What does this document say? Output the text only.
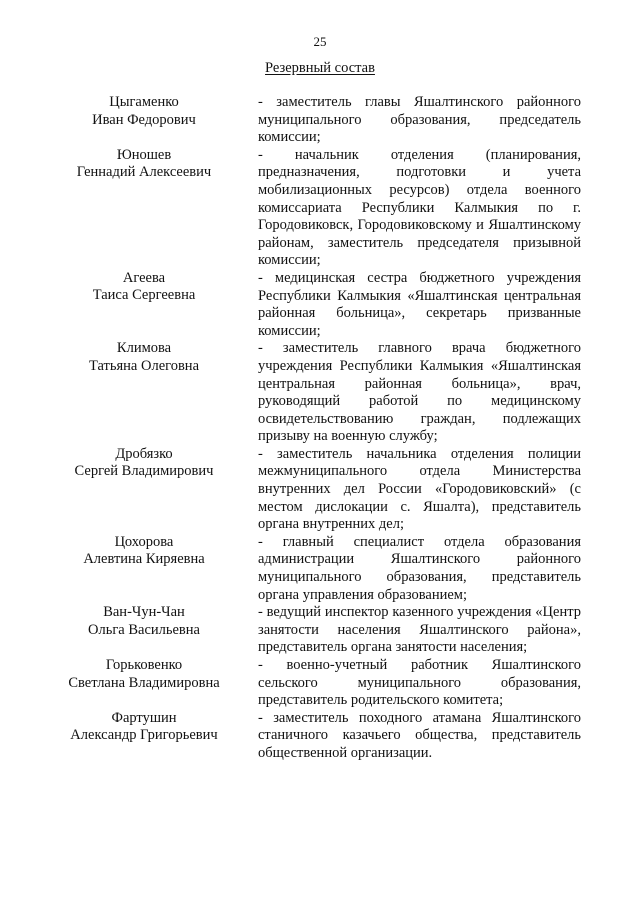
25
Резервный состав
Цыгаменко
Иван Федорович
- заместитель главы Яшалтинского районного муниципального образования, председатель комиссии;
Юношев
Геннадий Алексеевич
- начальник отделения (планирования, предназначения, подготовки и учета мобилизационных ресурсов) отдела военного комиссариата Республики Калмыкия по г. Городовиковск, Городовиковскому и Яшалтинскому районам, заместитель председателя призывной комиссии;
Агеева
Таиса Сергеевна
- медицинская сестра бюджетного учреждения Республики Калмыкия «Яшалтинская центральная районная больница», секретарь призванные комиссии;
Климова
Татьяна Олеговна
- заместитель главного врача бюджетного учреждения Республики Калмыкия «Яшалтинская центральная районная больница», врач, руководящий работой по медицинскому освидетельствованию граждан, подлежащих призыву на военную службу;
Дробязко
Сергей Владимирович
- заместитель начальника отделения полиции межмуниципального отдела Министерства внутренних дел России «Городовиковский» (с местом дислокации с. Яшалта), представитель органа внутренних дел;
Цохорова
Алевтина Киряевна
- главный специалист отдела образования администрации Яшалтинского районного муниципального образования, представитель органа управления образованием;
Ван-Чун-Чан
Ольга Васильевна
- ведущий инспектор казенного учреждения «Центр занятости населения Яшалтинского района», представитель органа занятости населения;
Горьковенко
Светлана Владимировна
- военно-учетный работник Яшалтинского сельского муниципального образования, представитель родительского комитета;
Фартушин
Александр Григорьевич
- заместитель походного атамана Яшалтинского станичного казачьего общества, представитель общественной организации.
